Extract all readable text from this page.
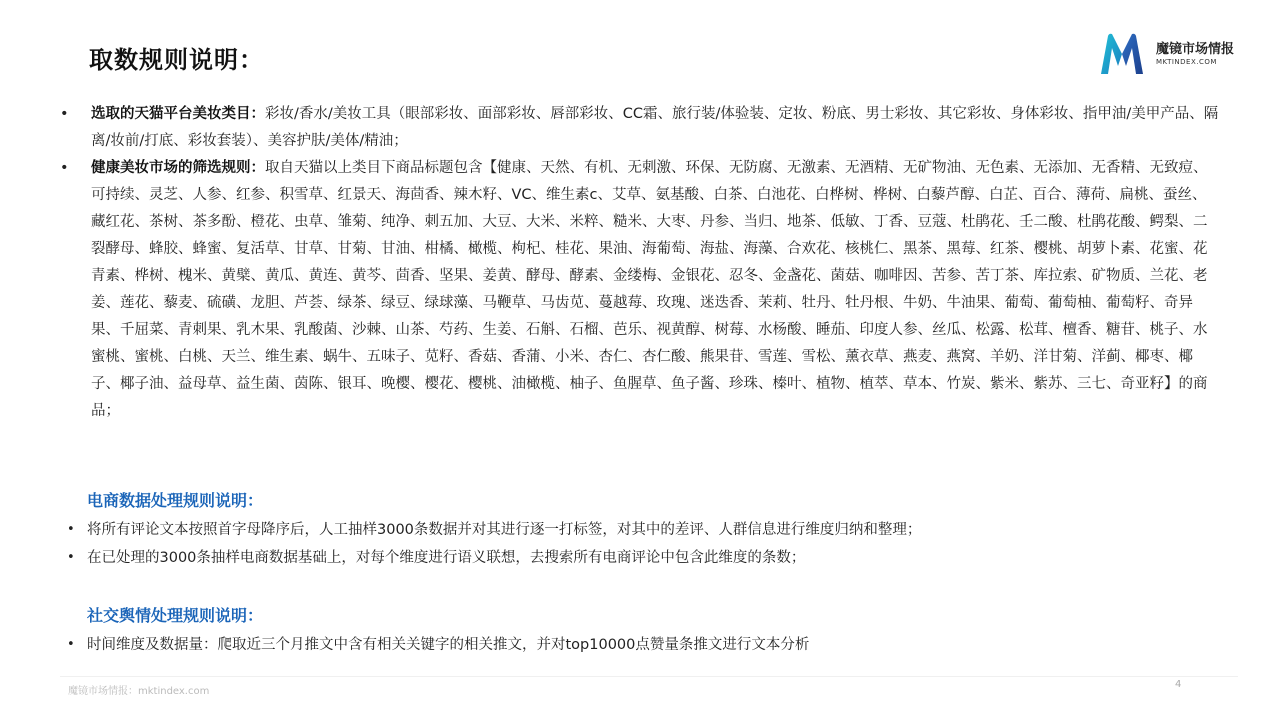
取数规则说明：	魔镜市场情报
MKTINDEX.COM
• 选取的天猫平台美妆类目：彩妆/香水/美妆工具（眼部彩妆、面部彩妆、唇部彩妆、CC霜、旅行装/体验装、定妆、粉底、男士彩妆、其它彩妆、身体彩妆、指甲油/美甲产品、隔离/妆前/打底、彩妆套装）、美容护肤/美体/精油；
• 健康美妆市场的筛选规则：取自天猫以上类目下商品标题包含【健康、天然、有机、无刺激、环保、无防腐、无激素、无酒精、无矿物油、无色素、无添加、无香精、无致痘、可持续、灵芝、人参、红参、积雪草、红景天、海茴香、辣木籽、VC、维生素c、艾草、氨基酸、白茶、白池花、白桦树、桦树、白藜芦醇、白芷、百合、薄荷、扁桃、蚕丝、藏红花、茶树、茶多酚、橙花、虫草、雏菊、纯净、刺五加、大豆、大米、米粹、糙米、大枣、丹参、当归、地茶、低敏、丁香、豆蔻、杜鹃花、壬二酸、杜鹃花酸、鳄梨、二裂酵母、蜂胶、蜂蜜、复活草、甘草、甘菊、甘油、柑橘、橄榄、枸杞、桂花、果油、海葡萄、海盐、海藻、合欢花、核桃仁、黑茶、黑莓、红茶、樱桃、胡萝卜素、花蜜、花青素、桦树、槐米、黄檗、黄瓜、黄连、黄芩、茴香、坚果、姜黄、酵母、酵素、金缕梅、金银花、忍冬、金盏花、菌菇、咖啡因、苦参、苦丁茶、库拉索、矿物质、兰花、老姜、莲花、藜麦、硫磺、龙胆、芦荟、绿茶、绿豆、绿球藻、马鞭草、马齿苋、蔓越莓、玫瑰、迷迭香、茉莉、牡丹、牡丹根、牛奶、牛油果、葡萄、葡萄柚、葡萄籽、奇异果、千屈菜、青刺果、乳木果、乳酸菌、沙棘、山茶、芍药、生姜、石斛、石榴、芭乐、视黄醇、树莓、水杨酸、睡茄、印度人参、丝瓜、松露、松茸、檀香、糖苷、桃子、水蜜桃、蜜桃、白桃、天兰、维生素、蜗牛、五味子、苋籽、香菇、香蒲、小米、杏仁、杏仁酸、熊果苷、雪莲、雪松、薰衣草、燕麦、燕窝、羊奶、洋甘菊、洋蓟、椰枣、椰子、椰子油、益母草、益生菌、茵陈、银耳、晚樱、樱花、樱桃、油橄榄、柚子、鱼腥草、鱼子酱、珍珠、榛叶、植物、植萃、草本、竹炭、紫米、紫苏、三七、奇亚籽】的商品；
电商数据处理规则说明：
• 将所有评论文本按照首字母降序后，人工抽样3000条数据并对其进行逐一打标签，对其中的差评、人群信息进行维度归纳和整理；
• 在已处理的3000条抽样电商数据基础上，对每个维度进行语义联想，去搜索所有电商评论中包含此维度的条数；
社交舆情处理规则说明：
• 时间维度及数据量：爬取近三个月推文中含有相关关键字的相关推文，并对top10000点赞量条推文进行文本分析
魔镜市场情报：mktindex.com
4
